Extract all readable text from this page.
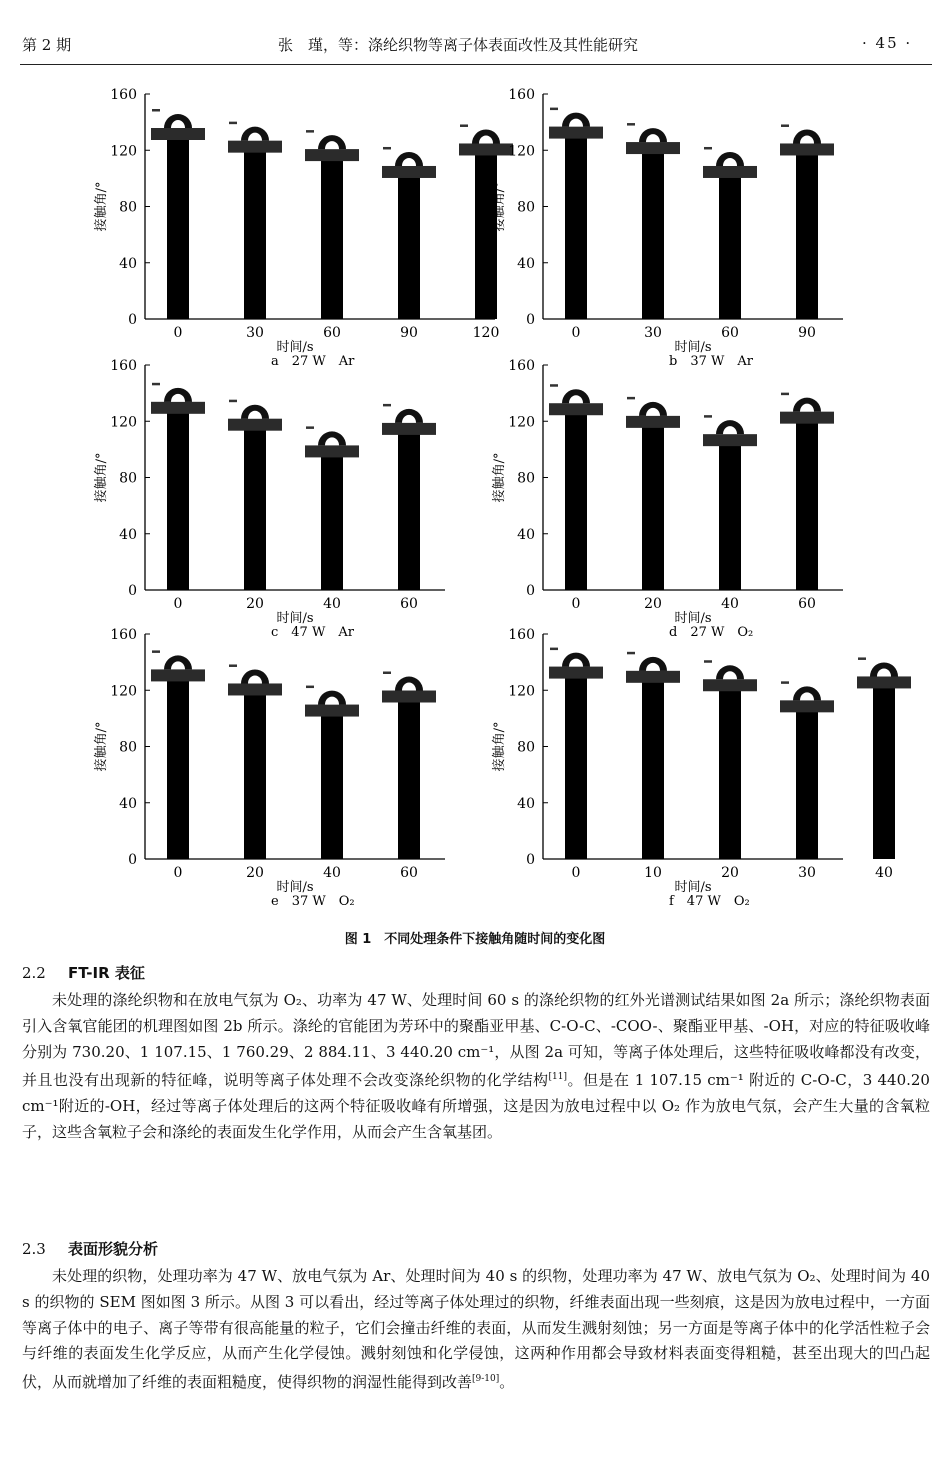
第 2 期	张　瑾，等：涤纶织物等离子体表面改性及其性能研究	· 45 ·
0
40
80
120
160
0	30	60	90	120
时间/s
a　27 W　Ar
接触角/°
0
40
80
120
160
0	30	60	90
时间/s
b　37 W　Ar
接触角/°
0
40
80
120
160
0	20	40	60
时间/s
c　47 W　Ar
接触角/°
0
40
80
120
160
0	20	40	60
时间/s
d　27 W　O₂
接触角/°
0
40
80
120
160
0	20	40	60
时间/s
e　37 W　O₂
接触角/°
0
40
80
120
160
0	10	20	30	40
时间/s
f　47 W　O₂
接触角/°
图 1　不同处理条件下接触角随时间的变化图
2.2 FT-IR 表征

未处理的涤纶织物和在放电气氛为 O₂、功率为 47 W、处理时间 60 s 的涤纶织物的红外光谱测试结果如图 2a 所示；涤纶织物表面引入含氧官能团的机理图如图 2b 所示。涤纶的官能团为芳环中的聚酯亚甲基、C-O-C、-COO-、聚酯亚甲基、-OH，对应的特征吸收峰分别为 730.20、1 107.15、1 760.29、2 884.11、3 440.20 cm⁻¹，从图 2a 可知，等离子体处理后，这些特征吸收峰都没有改变，并且也没有出现新的特征峰，说明等离子体处理不会改变涤纶织物的化学结构[11]。但是在 1 107.15 cm⁻¹ 附近的 C-O-C，3 440.20 cm⁻¹附近的-OH，经过等离子体处理后的这两个特征吸收峰有所增强，这是因为放电过程中以 O₂ 作为放电气氛，会产生大量的含氧粒子，这些含氧粒子会和涤纶的表面发生化学作用，从而会产生含氧基团。

2.3 表面形貌分析

未处理的织物，处理功率为 47 W、放电气氛为 Ar、处理时间为 40 s 的织物，处理功率为 47 W、放电气氛为 O₂、处理时间为 40 s 的织物的 SEM 图如图 3 所示。从图 3 可以看出，经过等离子体处理过的织物，纤维表面出现一些刻痕，这是因为放电过程中，一方面等离子体中的电子、离子等带有很高能量的粒子，它们会撞击纤维的表面，从而发生溅射刻蚀；另一方面是等离子体中的化学活性粒子会与纤维的表面发生化学反应，从而产生化学侵蚀。溅射刻蚀和化学侵蚀，这两种作用都会导致材料表面变得粗糙，甚至出现大的凹凸起伏，从而就增加了纤维的表面粗糙度，使得织物的润湿性能得到改善[9-10]。
